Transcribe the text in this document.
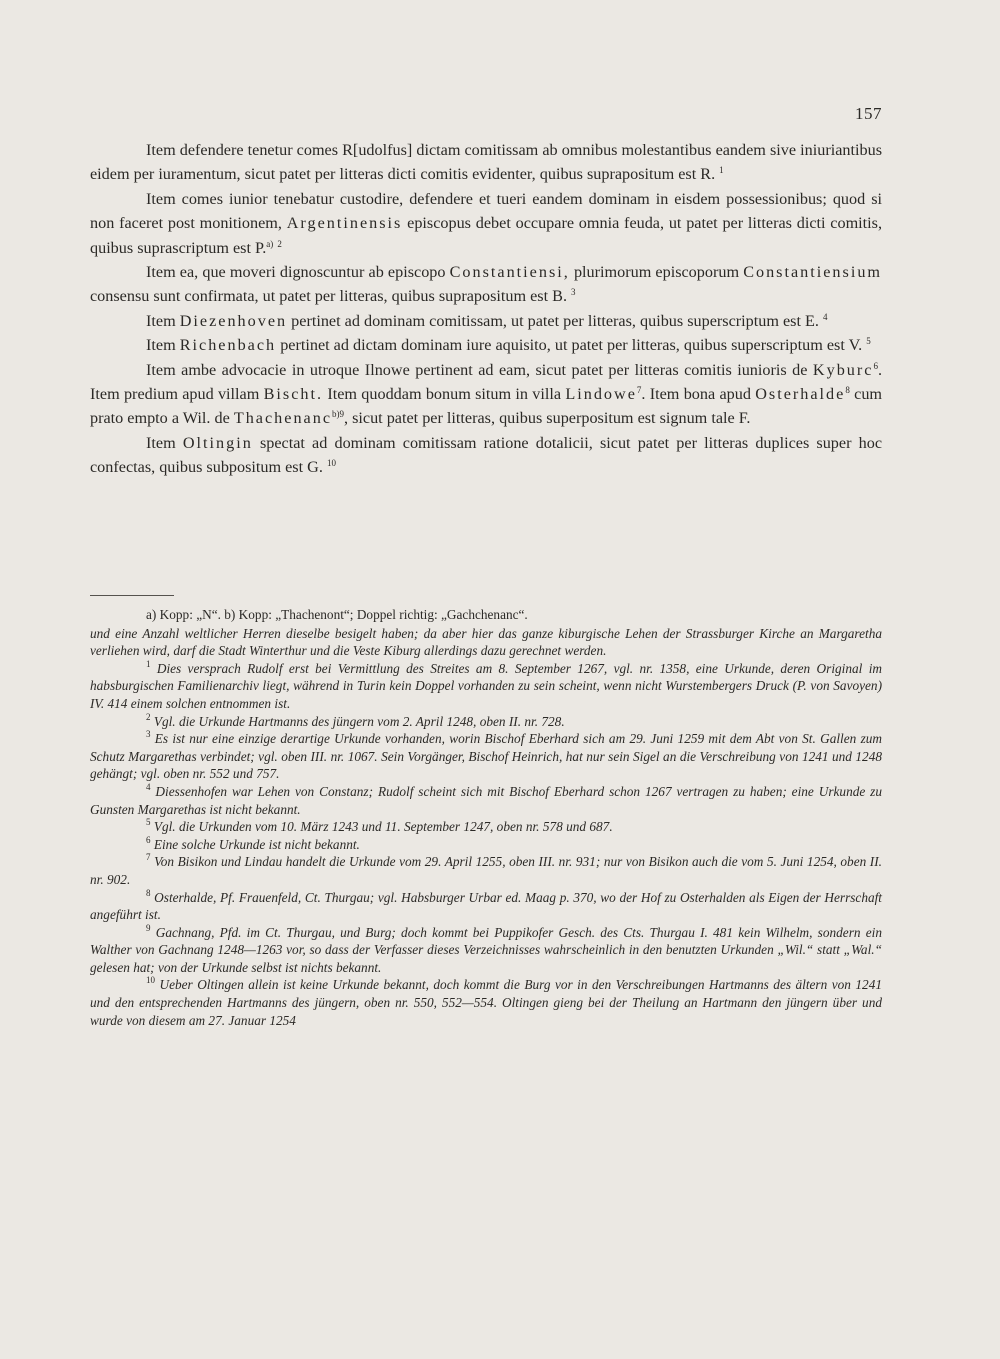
157

Item defendere tenetur comes R[udolfus] dictam comitissam ab omnibus molestantibus eandem sive iniuriantibus eidem per iuramentum, sicut patet per litteras dicti comitis evidenter, quibus suprapositum est R. $^1$

Item comes iunior tenebatur custodire, defendere et tueri eandem dominam in eisdem possessionibus; quod si non faceret post monitionem, Argentinensis episcopus debet occupare omnia feuda, ut patet per litteras dicti comitis, quibus suprascriptum est P.$^{a)}$ $^2$

Item ea, que moveri dignoscuntur ab episcopo Constantiensi, plurimorum episcoporum Constantiensium consensu sunt confirmata, ut patet per litteras, quibus suprapositum est B. $^3$

Item Diezenhoven pertinet ad dominam comitissam, ut patet per litteras, quibus superscriptum est E. $^4$

Item Richenbach pertinet ad dictam dominam iure aquisito, ut patet per litteras, quibus superscriptum est V. $^5$

Item ambe advocacie in utroque Ilnowe pertinent ad eam, sicut patet per litteras comitis iunioris de Kyburc$^6$. Item predium apud villam Bischt. Item quoddam bonum situm in villa Lindowe$^7$. Item bona apud Osterhalde$^8$ cum prato empto a Wil. de Thachenanc$^{b)9}$, sicut patet per litteras, quibus superpositum est signum tale F.

Item Oltingin spectat ad dominam comitissam ratione dotalicii, sicut patet per litteras duplices super hoc confectas, quibus subpositum est G. $^{10}$

a) Kopp: „N“. b) Kopp: „Thachenont“; Doppel richtig: „Gachchenanc“.

und eine Anzahl weltlicher Herren dieselbe besigelt haben; da aber hier das ganze kiburgische Lehen der Strassburger Kirche an Margaretha verliehen wird, darf die Stadt Winterthur und die Veste Kiburg allerdings dazu gerechnet werden.

$^1$ Dies versprach Rudolf erst bei Vermittlung des Streites am 8. September 1267, vgl. nr. 1358, eine Urkunde, deren Original im habsburgischen Familienarchiv liegt, während in Turin kein Doppel vorhanden zu sein scheint, wenn nicht Wurstembergers Druck (P. von Savoyen) IV. 414 einem solchen entnommen ist.

$^2$ Vgl. die Urkunde Hartmanns des jüngern vom 2. April 1248, oben II. nr. 728.

$^3$ Es ist nur eine einzige derartige Urkunde vorhanden, worin Bischof Eberhard sich am 29. Juni 1259 mit dem Abt von St. Gallen zum Schutz Margarethas verbindet; vgl. oben III. nr. 1067. Sein Vorgänger, Bischof Heinrich, hat nur sein Sigel an die Verschreibung von 1241 und 1248 gehängt; vgl. oben nr. 552 und 757.

$^4$ Diessenhofen war Lehen von Constanz; Rudolf scheint sich mit Bischof Eberhard schon 1267 vertragen zu haben; eine Urkunde zu Gunsten Margarethas ist nicht bekannt.

$^5$ Vgl. die Urkunden vom 10. März 1243 und 11. September 1247, oben nr. 578 und 687.

$^6$ Eine solche Urkunde ist nicht bekannt.

$^7$ Von Bisikon und Lindau handelt die Urkunde vom 29. April 1255, oben III. nr. 931; nur von Bisikon auch die vom 5. Juni 1254, oben II. nr. 902.

$^8$ Osterhalde, Pf. Frauenfeld, Ct. Thurgau; vgl. Habsburger Urbar ed. Maag p. 370, wo der Hof zu Osterhalden als Eigen der Herrschaft angeführt ist.

$^9$ Gachnang, Pfd. im Ct. Thurgau, und Burg; doch kommt bei Puppikofer Gesch. des Cts. Thurgau I. 481 kein Wilhelm, sondern ein Walther von Gachnang 1248—1263 vor, so dass der Verfasser dieses Verzeichnisses wahrscheinlich in den benutzten Urkunden „Wil.“ statt „Wal.“ gelesen hat; von der Urkunde selbst ist nichts bekannt.

$^{10}$ Ueber Oltingen allein ist keine Urkunde bekannt, doch kommt die Burg vor in den Verschreibungen Hartmanns des ältern von 1241 und den entsprechenden Hartmanns des jüngern, oben nr. 550, 552—554. Oltingen gieng bei der Theilung an Hartmann den jüngern über und wurde von diesem am 27. Januar 1254
